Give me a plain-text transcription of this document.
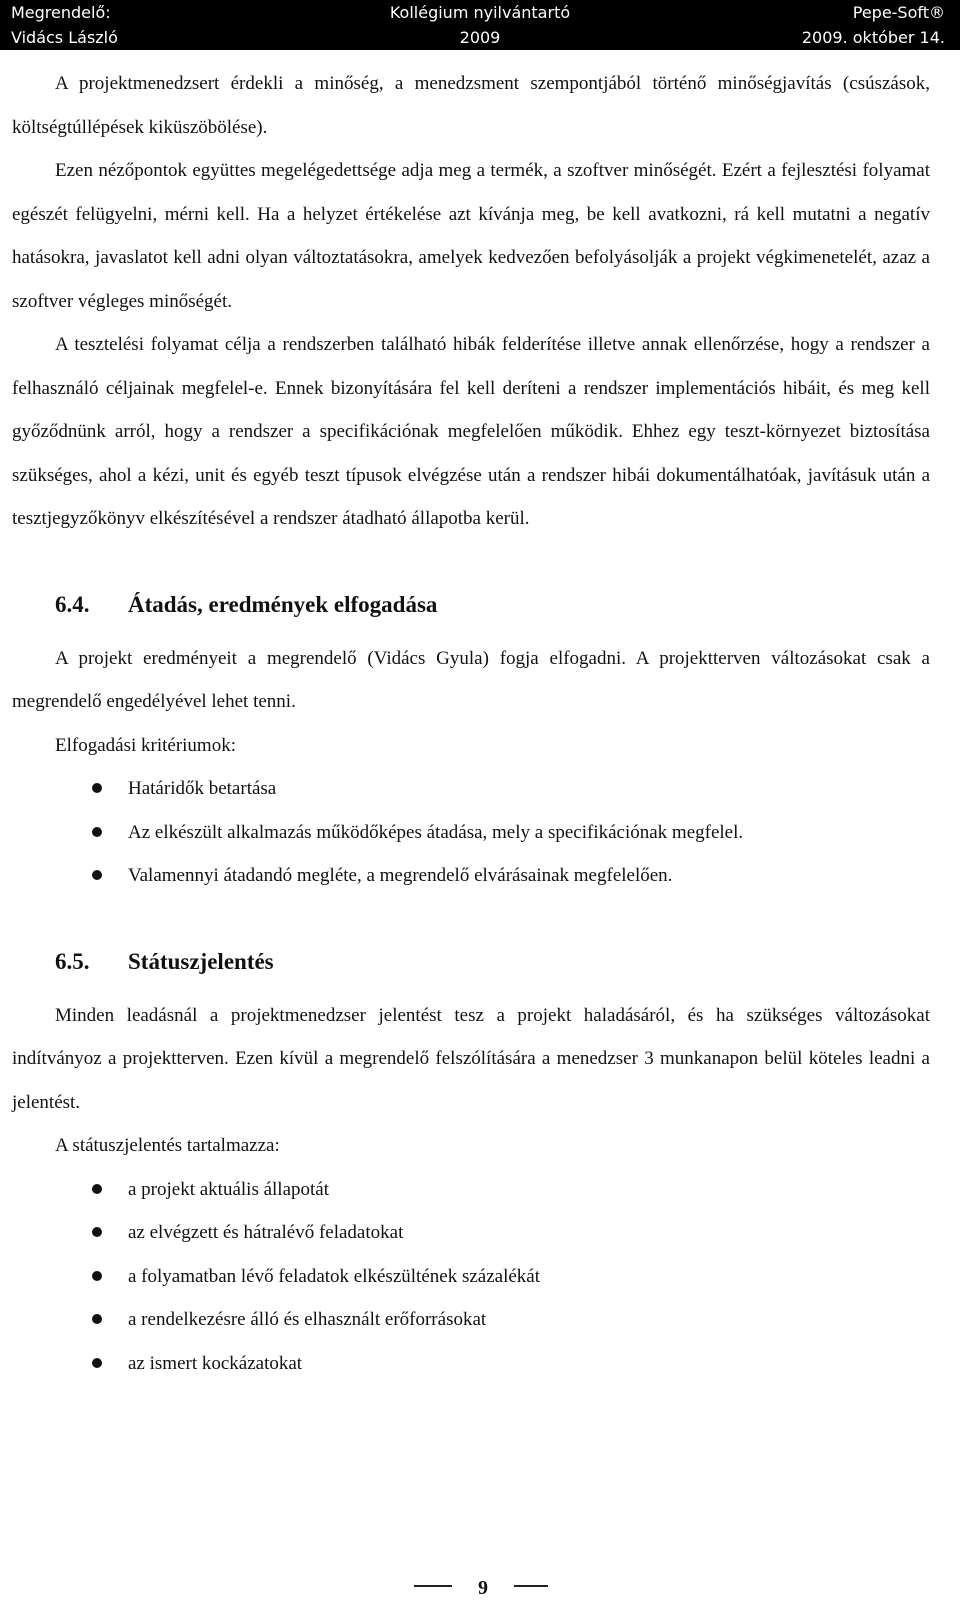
Megrendelő:
Vidács László
Kollégium nyilvántartó
2009
Pepe-Soft®
2009. október 14.

A projektmenedzsert érdekli a minőség, a menedzsment szempontjából történő minőségjavítás (csúszások, költségtúllépések kiküszöbölése).

Ezen nézőpontok együttes megelégedettsége adja meg a termék, a szoftver minőségét. Ezért a fejlesztési folyamat egészét felügyelni, mérni kell. Ha a helyzet értékelése azt kívánja meg, be kell avatkozni, rá kell mutatni a negatív hatásokra, javaslatot kell adni olyan változtatásokra, amelyek kedvezően befolyásolják a projekt végkimenetelét, azaz a szoftver végleges minőségét.

A tesztelési folyamat célja a rendszerben található hibák felderítése illetve annak ellenőrzése, hogy a rendszer a felhasználó céljainak megfelel-e. Ennek bizonyítására fel kell deríteni a rendszer implementációs hibáit, és meg kell győződnünk arról, hogy a rendszer a specifikációnak megfelelően működik. Ehhez egy teszt-környezet biztosítása szükséges, ahol a kézi, unit és egyéb teszt típusok elvégzése után a rendszer hibái dokumentálhatóak, javításuk után a tesztjegyzőkönyv elkészítésével a rendszer átadható állapotba kerül.

6.4. Átadás, eredmények elfogadása

A projekt eredményeit a megrendelő (Vidács Gyula) fogja elfogadni. A projektterven változásokat csak a megrendelő engedélyével lehet tenni.

Elfogadási kritériumok:

Határidők betartása
Az elkészült alkalmazás működőképes átadása, mely a specifikációnak megfelel.
Valamennyi átadandó megléte, a megrendelő elvárásainak megfelelően.
6.5. Státuszjelentés

Minden leadásnál a projektmenedzser jelentést tesz a projekt haladásáról, és ha szükséges változásokat indítványoz a projektterven. Ezen kívül a megrendelő felszólítására a menedzser 3 munkanapon belül köteles leadni a jelentést.

A státuszjelentés tartalmazza:

a projekt aktuális állapotát
az elvégzett és hátralévő feladatokat
a folyamatban lévő feladatok elkészültének százalékát
a rendelkezésre álló és elhasznált erőforrásokat
az ismert kockázatokat
9
